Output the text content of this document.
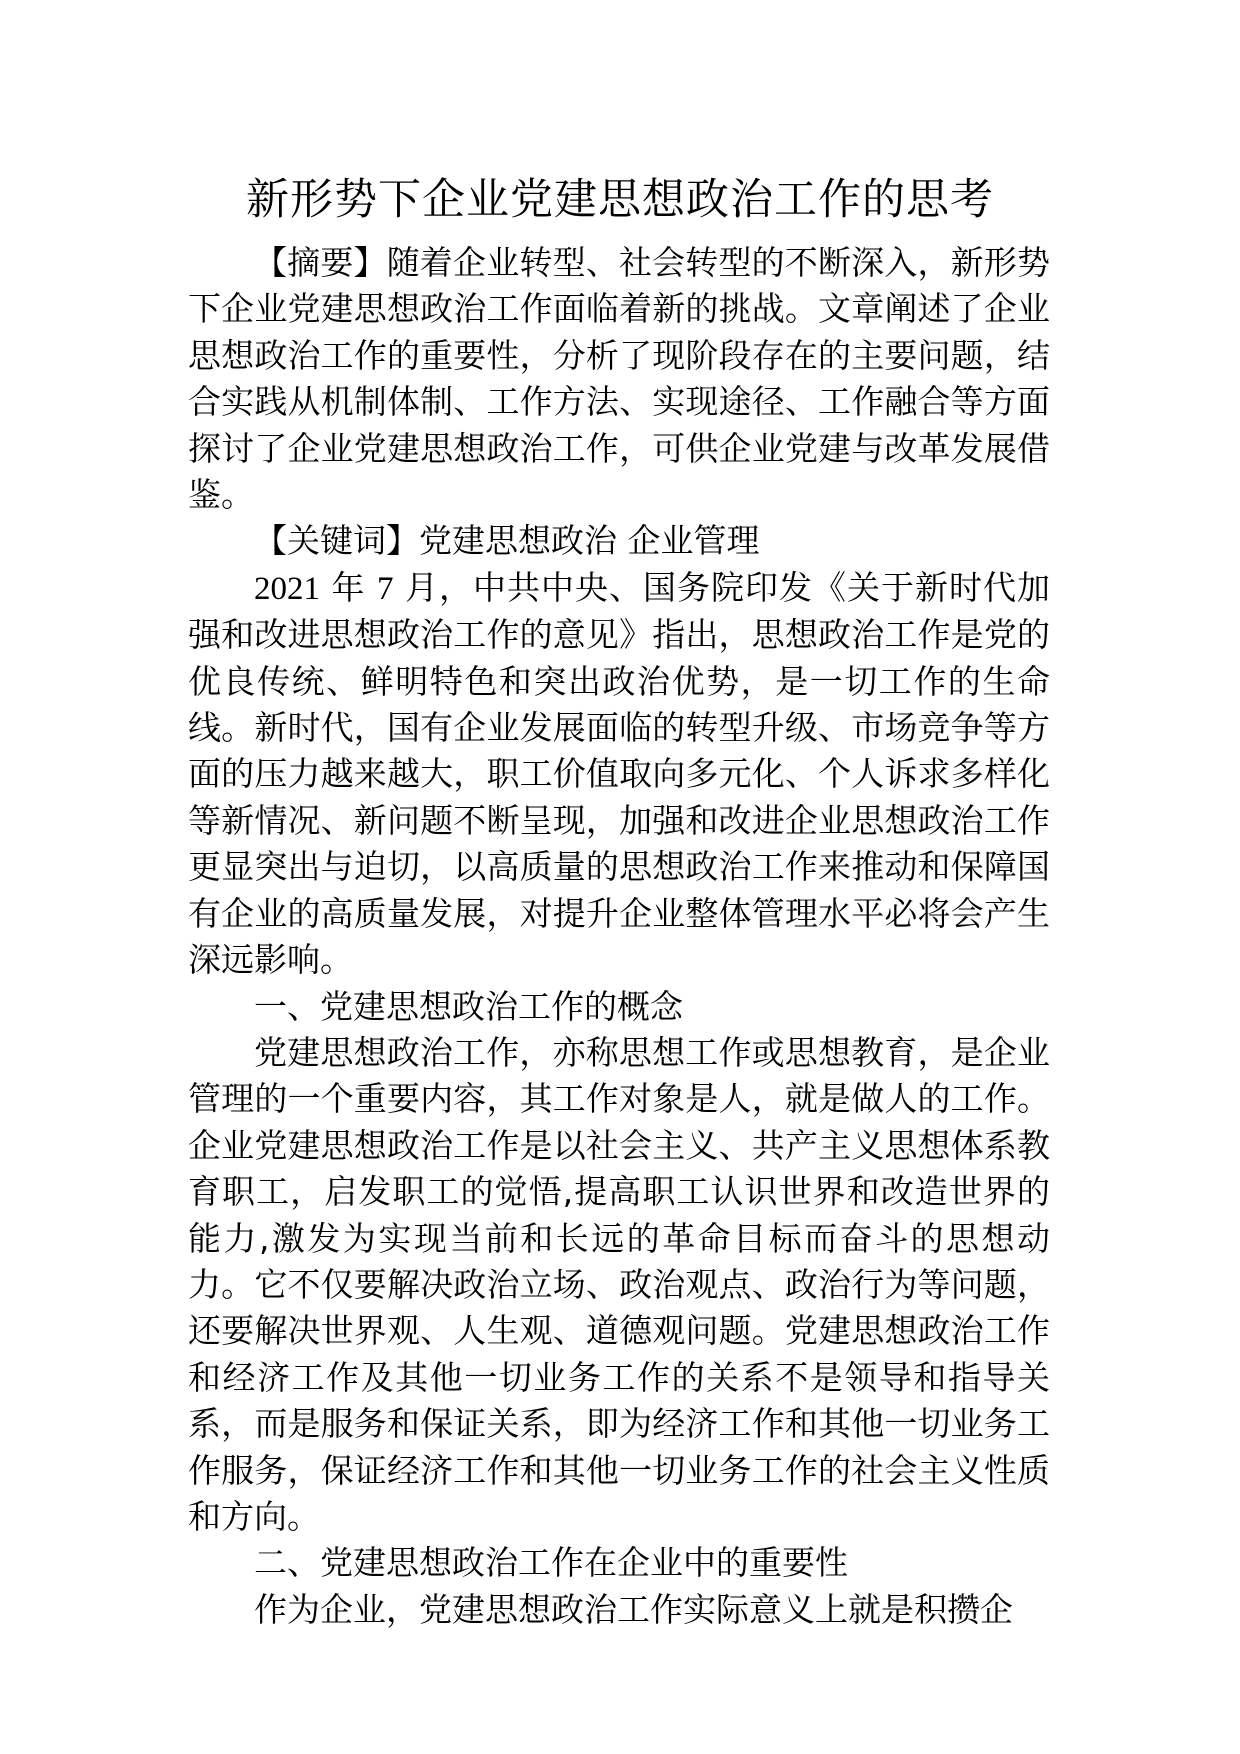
新形势下企业党建思想政治工作的思考

【摘要】随着企业转型、社会转型的不断深入，新形势下企业党建思想政治工作面临着新的挑战。文章阐述了企业思想政治工作的重要性，分析了现阶段存在的主要问题，结合实践从机制体制、工作方法、实现途径、工作融合等方面探讨了企业党建思想政治工作，可供企业党建与改革发展借鉴。

【关键词】党建思想政治 企业管理

2021 年 7 月，中共中央、国务院印发《关于新时代加强和改进思想政治工作的意见》指出，思想政治工作是党的优良传统、鲜明特色和突出政治优势，是一切工作的生命线。新时代，国有企业发展面临的转型升级、市场竞争等方面的压力越来越大，职工价值取向多元化、个人诉求多样化等新情况、新问题不断呈现，加强和改进企业思想政治工作更显突出与迫切，以高质量的思想政治工作来推动和保障国有企业的高质量发展，对提升企业整体管理水平必将会产生深远影响。

一、党建思想政治工作的概念

党建思想政治工作，亦称思想工作或思想教育，是企业管理的一个重要内容，其工作对象是人，就是做人的工作。企业党建思想政治工作是以社会主义、共产主义思想体系教育职工，启发职工的觉悟,提高职工认识世界和改造世界的能力,激发为实现当前和长远的革命目标而奋斗的思想动力。它不仅要解决政治立场、政治观点、政治行为等问题，还要解决世界观、人生观、道德观问题。党建思想政治工作和经济工作及其他一切业务工作的关系不是领导和指导关系，而是服务和保证关系，即为经济工作和其他一切业务工作服务，保证经济工作和其他一切业务工作的社会主义性质和方向。

二、党建思想政治工作在企业中的重要性

作为企业，党建思想政治工作实际意义上就是积攒企
